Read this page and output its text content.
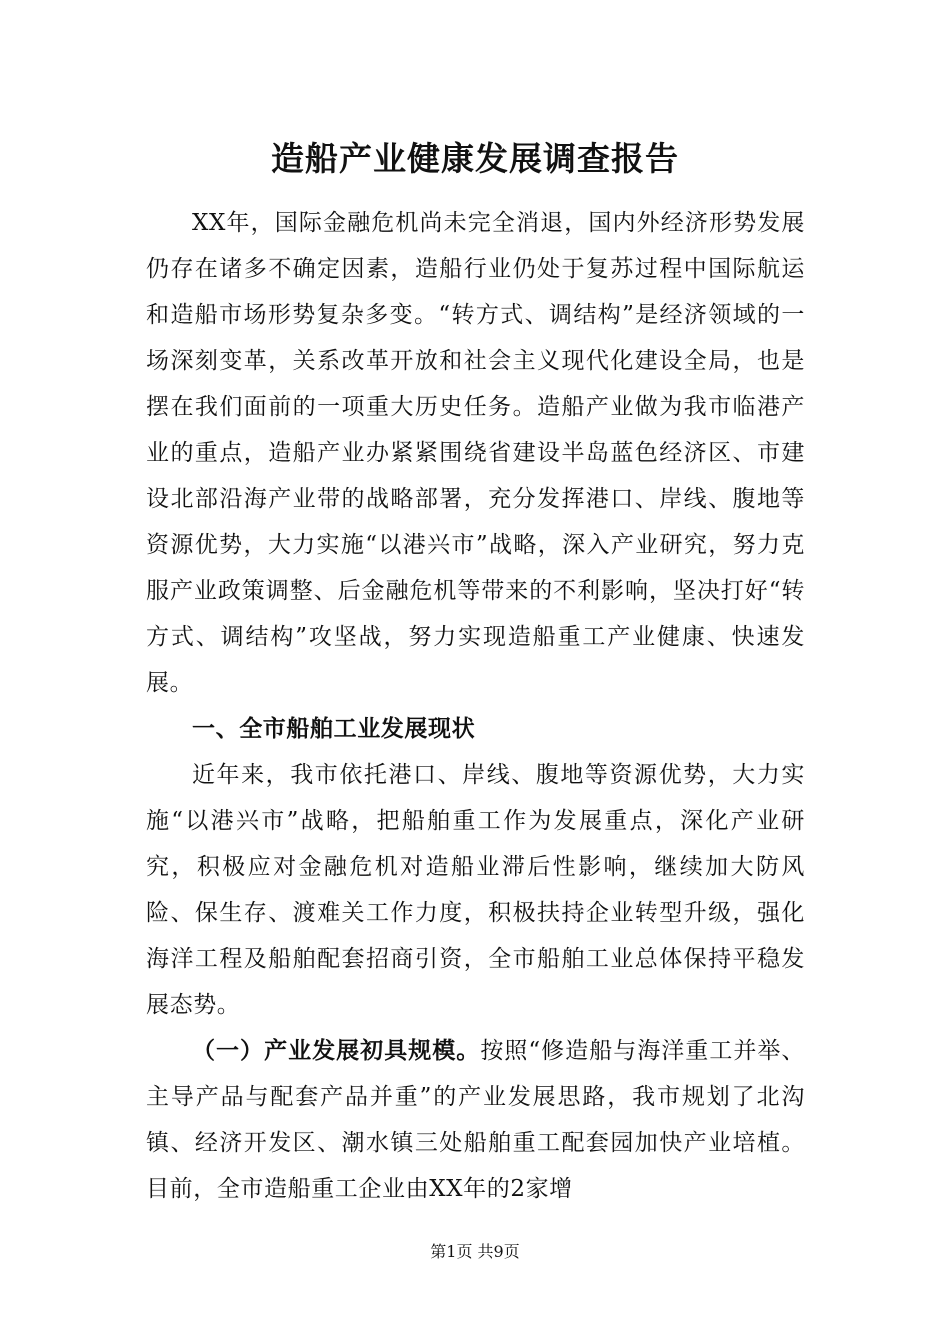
造船产业健康发展调查报告

XX年，国际金融危机尚未完全消退，国内外经济形势发展仍存在诸多不确定因素，造船行业仍处于复苏过程中国际航运和造船市场形势复杂多变。“转方式、调结构”是经济领域的一场深刻变革，关系改革开放和社会主义现代化建设全局，也是摆在我们面前的一项重大历史任务。造船产业做为我市临港产业的重点，造船产业办紧紧围绕省建设半岛蓝色经济区、市建设北部沿海产业带的战略部署，充分发挥港口、岸线、腹地等资源优势，大力实施“以港兴市”战略，深入产业研究，努力克服产业政策调整、后金融危机等带来的不利影响，坚决打好“转方式、调结构”攻坚战，努力实现造船重工产业健康、快速发展。

一、全市船舶工业发展现状

近年来，我市依托港口、岸线、腹地等资源优势，大力实施“以港兴市”战略，把船舶重工作为发展重点，深化产业研究，积极应对金融危机对造船业滞后性影响，继续加大防风险、保生存、渡难关工作力度，积极扶持企业转型升级，强化海洋工程及船舶配套招商引资，全市船舶工业总体保持平稳发展态势。

（一）产业发展初具规模。按照“修造船与海洋重工并举、主导产品与配套产品并重”的产业发展思路，我市规划了北沟镇、经济开发区、潮水镇三处船舶重工配套园加快产业培植。目前，全市造船重工企业由XX年的2家增

第1页 共9页
